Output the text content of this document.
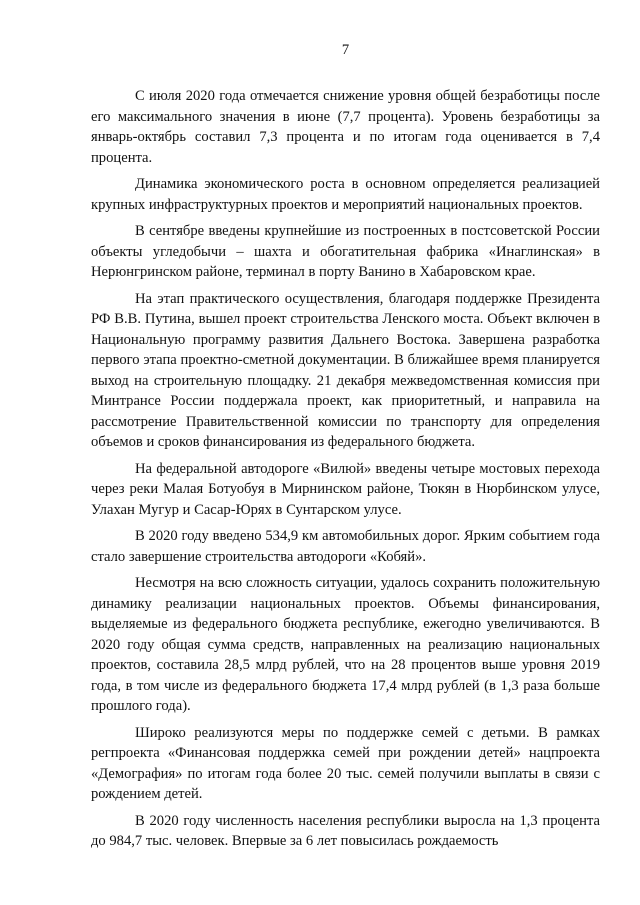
7

С июля 2020 года отмечается снижение уровня общей безработицы после его максимального значения в июне (7,7 процента). Уровень безработицы за январь-октябрь составил 7,3 процента и по итогам года оценивается в 7,4 процента.

Динамика экономического роста в основном определяется реализацией крупных инфраструктурных проектов и мероприятий национальных проектов.

В сентябре введены крупнейшие из построенных в постсоветской России объекты угледобычи – шахта и обогатительная фабрика «Инаглинская» в Нерюнгринском районе, терминал в порту Ванино в Хабаровском крае.

На этап практического осуществления, благодаря поддержке Президента РФ В.В. Путина, вышел проект строительства Ленского моста. Объект включен в Национальную программу развития Дальнего Востока. Завершена разработка первого этапа проектно-сметной документации. В ближайшее время планируется выход на строительную площадку. 21 декабря межведомственная комиссия при Минтрансе России поддержала проект, как приоритетный, и направила на рассмотрение Правительственной комиссии по транспорту для определения объемов и сроков финансирования из федерального бюджета.

На федеральной автодороге «Вилюй» введены четыре мостовых перехода через реки Малая Ботуобуя в Мирнинском районе, Тюкян в Нюрбинском улусе, Улахан Мугур и Сасар-Юрях в Сунтарском улусе.

В 2020 году введено 534,9 км автомобильных дорог. Ярким событием года стало завершение строительства автодороги «Кобяй».

Несмотря на всю сложность ситуации, удалось сохранить положительную динамику реализации национальных проектов. Объемы финансирования, выделяемые из федерального бюджета республике, ежегодно увеличиваются. В 2020 году общая сумма средств, направленных на реализацию национальных проектов, составила 28,5 млрд рублей, что на 28 процентов выше уровня 2019 года, в том числе из федерального бюджета 17,4 млрд рублей (в 1,3 раза больше прошлого года).

Широко реализуются меры по поддержке семей с детьми. В рамках регпроекта «Финансовая поддержка семей при рождении детей» нацпроекта «Демография» по итогам года более 20 тыс. семей получили выплаты в связи с рождением детей.

В 2020 году численность населения республики выросла на 1,3 процента до 984,7 тыс. человек. Впервые за 6 лет повысилась рождаемость
